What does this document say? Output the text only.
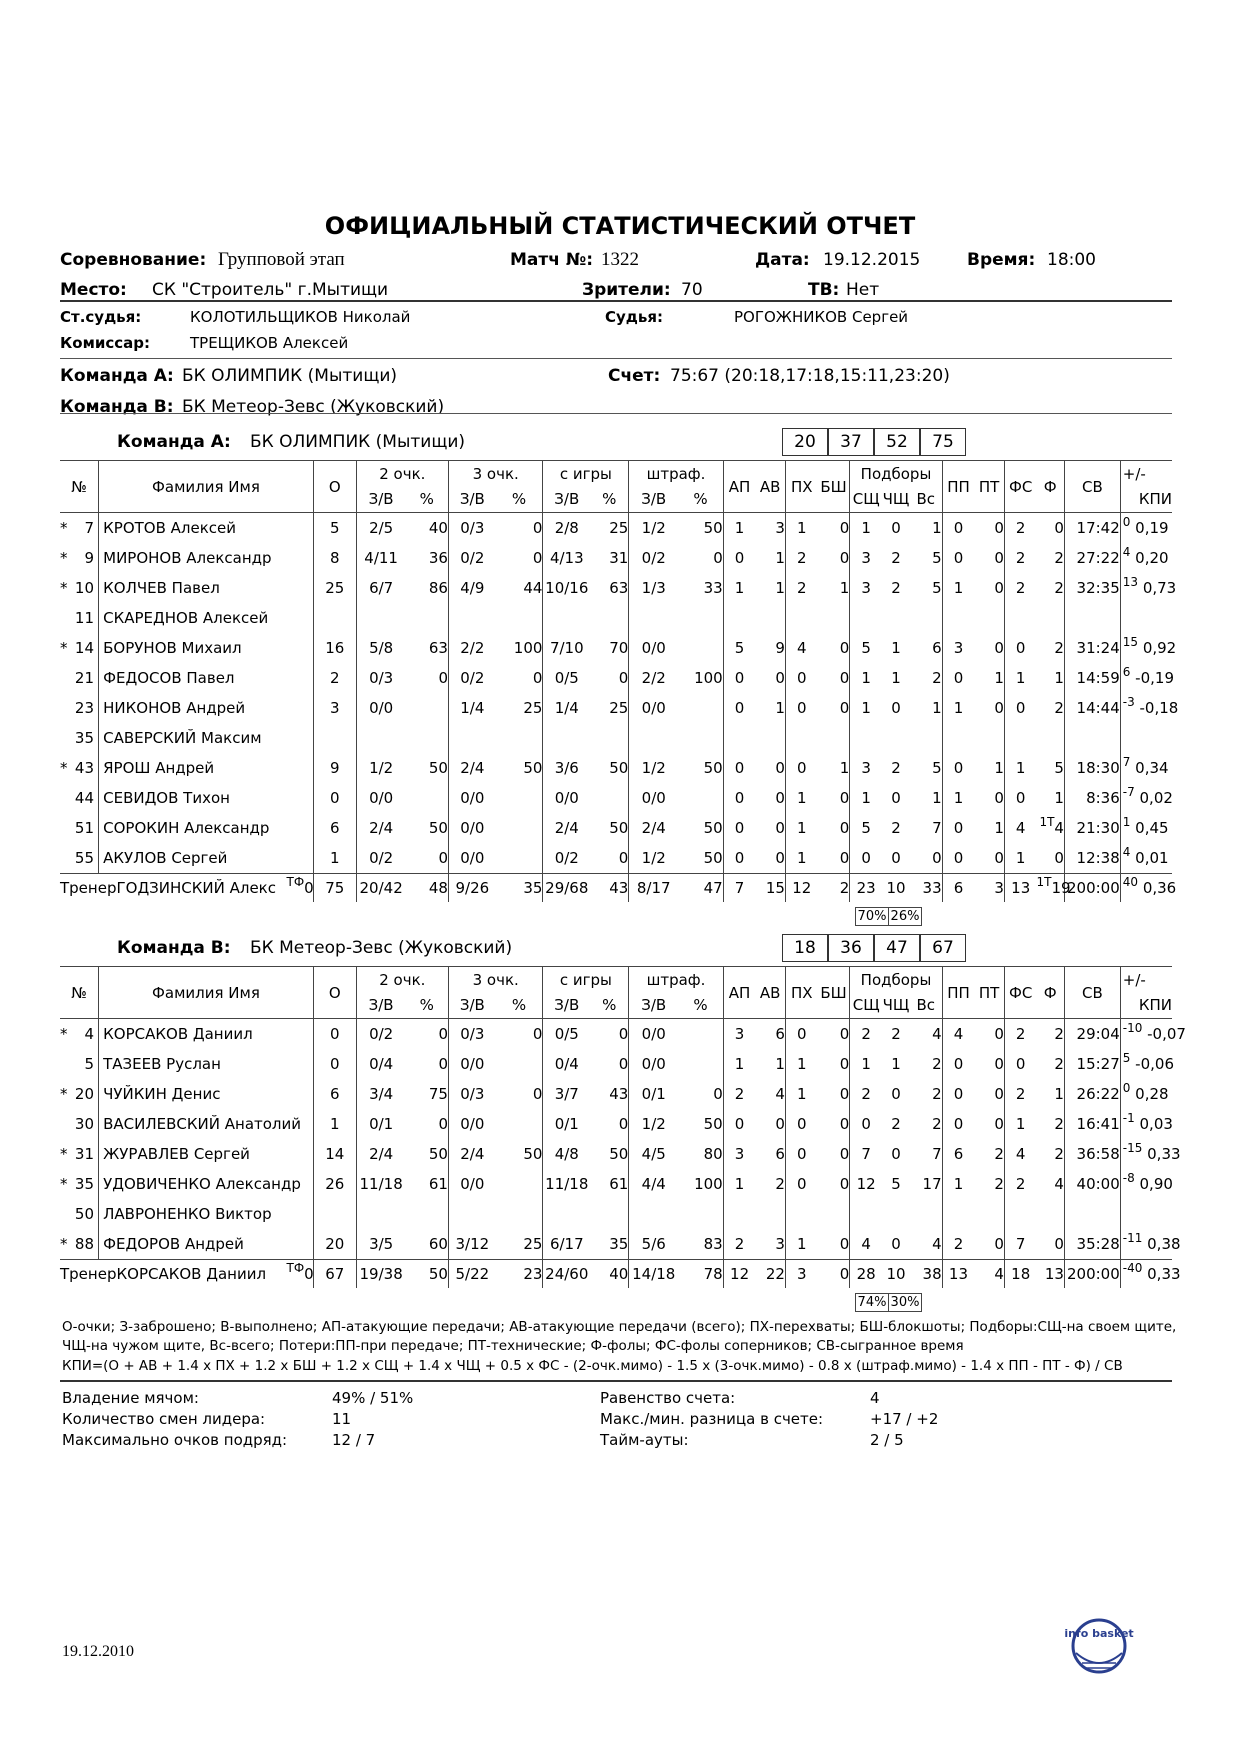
ОФИЦИАЛЬНЫЙ СТАТИСТИЧЕСКИЙ ОТЧЕТ
Соревнование: Групповой этап	Матч №: 1322	Дата: 19.12.2015	Время: 18:00
Место: СК "Строитель" г.Мытищи	Зрители: 70	ТВ: Нет
Ст.судья:	КОЛОТИЛЬЩИКОВ Николай	Судья:	РОГОЖНИКОВ Сергей
Комиссар:	ТРЕЩИКОВ Алексей
Команда А: БК ОЛИМПИК (Мытищи)	Счет: 75:67 (20:18,17:18,15:11,23:20)
Команда В: БК Метеор-Зевс (Жуковский)
Команда А: БК ОЛИМПИК (Мытищи)	20	37	52	75
№	Фамилия Имя	О	2 очк.		3 очк.		с игры		штраф.		АП	АВ	ПХ	БШ	Подборы			ПП	ПТ	ФС	Ф	СВ	+/-
			З/В	%	З/В	%	З/В	%	З/В	%					СЩ	ЧЩ	Вс						КПИ
* 7	КРОТОВ Алексей	5	2/5	40	0/3	0	2/8	25	1/2	50	1	3	1	0	1	0	1	0	0	2	0	17:42	$^0$ 0,19
* 9	МИРОНОВ Александр	8	4/11	36	0/2	0	4/13	31	0/2	0	0	1	2	0	3	2	5	0	0	2	2	27:22	$^4$ 0,20
* 10	КОЛЧЕВ Павел	25	6/7	86	4/9	44	10/16	63	1/3	33	1	1	2	1	3	2	5	1	0	2	2	32:35	$^{13}$ 0,73
11	СКАРЕДНОВ Алексей																						
* 14	БОРУНОВ Михаил	16	5/8	63	2/2	100	7/10	70	0/0		5	9	4	0	5	1	6	3	0	0	2	31:24	$^{15}$ 0,92
21	ФЕДОСОВ Павел	2	0/3	0	0/2	0	0/5	0	2/2	100	0	0	0	0	1	1	2	0	1	1	1	14:59	$^6$ -0,19
23	НИКОНОВ Андрей	3	0/0		1/4	25	1/4	25	0/0		0	1	0	0	1	0	1	1	0	0	2	14:44	$^{-3}$ -0,18
35	САВЕРСКИЙ Максим																						
* 43	ЯРОШ Андрей	9	1/2	50	2/4	50	3/6	50	1/2	50	0	0	0	1	3	2	5	0	1	1	5	18:30	$^7$ 0,34
44	СЕВИДОВ Тихон	0	0/0		0/0		0/0		0/0		0	0	1	0	1	0	1	1	0	0	1	8:36	$^{-7}$ 0,02
51	СОРОКИН Александр	6	2/4	50	0/0		2/4	50	2/4	50	0	0	1	0	5	2	7	0	1	4	$^{1T}$4	21:30	$^1$ 0,45
55	АКУЛОВ Сергей	1	0/2	0	0/0		0/2	0	1/2	50	0	0	1	0	0	0	0	0	0	1	0	12:38	$^4$ 0,01
ТренерГОДЗИНСКИЙ Алекс $^{ТФ}$0		75	20/42	48	9/26	35	29/68	43	8/17	47	7	15	12	2	23	10	33	6	3	13	$^{1T}$19	200:00	$^{40}$ 0,36
70% 26%
Команда В: БК Метеор-Зевс (Жуковский)	18	36	47	67
№	Фамилия Имя	О	2 очк.		3 очк.		с игры		штраф.		АП	АВ	ПХ	БШ	Подборы			ПП	ПТ	ФС	Ф	СВ	+/-
			З/В	%	З/В	%	З/В	%	З/В	%					СЩ	ЧЩ	Вс						КПИ
* 4	КОРСАКОВ Даниил	0	0/2	0	0/3	0	0/5	0	0/0		3	6	0	0	2	2	4	4	0	2	2	29:04	$^{-10}$ -0,07
5	ТАЗЕЕВ Руслан	0	0/4	0	0/0		0/4	0	0/0		1	1	1	0	1	1	2	0	0	0	2	15:27	$^5$ -0,06
* 20	ЧУЙКИН Денис	6	3/4	75	0/3	0	3/7	43	0/1	0	2	4	1	0	2	0	2	0	0	2	1	26:22	$^0$ 0,28
30	ВАСИЛЕВСКИЙ Анатолий	1	0/1	0	0/0		0/1	0	1/2	50	0	0	0	0	0	2	2	0	0	1	2	16:41	$^{-1}$ 0,03
* 31	ЖУРАВЛЕВ Сергей	14	2/4	50	2/4	50	4/8	50	4/5	80	3	6	0	0	7	0	7	6	2	4	2	36:58	$^{-15}$ 0,33
* 35	УДОВИЧЕНКО Александр	26	11/18	61	0/0		11/18	61	4/4	100	1	2	0	0	12	5	17	1	2	2	4	40:00	$^{-8}$ 0,90
50	ЛАВРОНЕНКО Виктор																						
* 88	ФЕДОРОВ Андрей	20	3/5	60	3/12	25	6/17	35	5/6	83	2	3	1	0	4	0	4	2	0	7	0	35:28	$^{-11}$ 0,38
ТренерКОРСАКОВ Даниил $^{ТФ}$0		67	19/38	50	5/22	23	24/60	40	14/18	78	12	22	3	0	28	10	38	13	4	18	13	200:00	$^{-40}$ 0,33
74% 30%
О-очки; З-заброшено; В-выполнено; АП-атакующие передачи; АВ-атакующие передачи (всего); ПХ-перехваты; БШ-блокшоты; Подборы:СЩ-на своем щите,
ЧЩ-на чужом щите, Вс-всего; Потери:ПП-при передаче; ПТ-технические; Ф-фолы; ФС-фолы соперников; СВ-сыгранное время
КПИ=(О + АВ + 1.4 х ПХ + 1.2 х БШ + 1.2 х СЩ + 1.4 х ЧЩ + 0.5 х ФС - (2-очк.мимо) - 1.5 х (3-очк.мимо) - 0.8 х (штраф.мимо) - 1.4 х ПП - ПТ - Ф) / СВ
Владение мячом:	49% / 51%
Количество смен лидера:	11
Максимально очков подряд:	12 / 7
Равенство счета:	4
Макс./мин. разница в счете:	+17 / +2
Тайм-ауты:	2 / 5
19.12.2010
info basket
